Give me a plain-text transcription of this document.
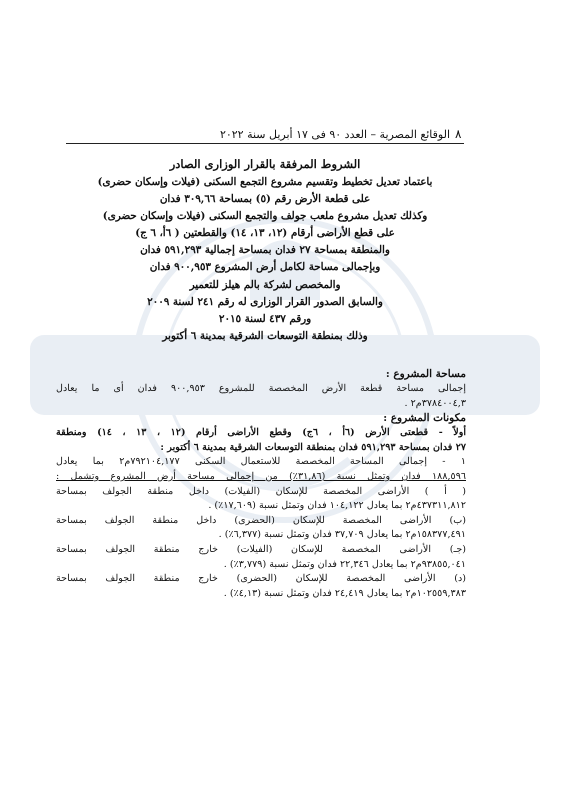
الوقائع المصرية – العدد ٩٠ فى ١٧ أبريل سنة ٢٠٢٢ ٨
الشروط المرفقة بالقرار الوزارى الصادر
باعتماد تعديل تخطيط وتقسيم مشروع التجمع السكنى (فيلات وإسكان حضرى)
على قطعة الأرض رقم (٥) بمساحة ٣٠٩,٦٦ فدان
وكذلك تعديل مشروع ملعب جولف والتجمع السكنى (فيلات وإسكان حضرى)
على قطع الأراضى أرقام (١٢، ١٣، ١٤) والقطعتين ( ٦أ، ٦ ج)
والمنطقة بمساحة ٢٧ فدان بمساحة إجمالية ٥٩١,٢٩٣ فدان
وبإجمالى مساحة لكامل أرض المشروع ٩٠٠,٩٥٣ فدان
والمخصص لشركة بالم هيلز للتعمير
والسابق الصدور القرار الوزارى له رقم ٢٤١ لسنة ٢٠٠٩
ورقم ٤٣٧ لسنة ٢٠١٥
وذلك بمنطقة التوسعات الشرقية بمدينة ٦ أكتوبر
مساحة المشروع :
إجمالى مساحة قطعة الأرض المخصصة للمشروع ٩٠٠,٩٥٣ فدان أى ما يعادل
٣٧٨٤٠٠٤,٣م٢ .
مكونات المشروع :
أولاً - قطعتى الأرض (٦أ ، ٦ج) وقطع الأراضى أرقام (١٢ ، ١٣ ، ١٤) ومنطقة
٢٧ فدان بمساحة ٥٩١,٢٩٣ فدان بمنطقة التوسعات الشرقية بمدينة ٦ أكتوبر :
١ - إجمالى المساحة المخصصة للاستعمال السكنى ٧٩٢١٠٤,١٧٧م٢ بما يعادل
١٨٨,٥٩٦ فدان وتمثل نسبة (٣١,٨٦٪) من إجمالى مساحة أرض المشروع وتشمل :
( أ ) الأراضى المخصصة للإسكان (الفيلات) داخل منطقة الجولف بمساحة
٤٣٧٣١١,٨١٢م٢ بما يعادل ١٠٤,١٢٢ فدان وتمثل نسبة (١٧,٦٠٩٪) .
(ب) الأراضى المخصصة للإسكان (الحضرى) داخل منطقة الجولف بمساحة
١٥٨٣٧٧,٤٩١م٢ بما يعادل ٣٧,٧٠٩ فدان وتمثل نسبة (٦,٣٧٧٪) .
(جـ) الأراضى المخصصة للإسكان (الفيلات) خارج منطقة الجولف بمساحة
٩٣٨٥٥,٠٤١م٢ بما يعادل ٢٢,٣٤٦ فدان وتمثل نسبة (٣,٧٧٩٪) .
(د) الأراضى المخصصة للإسكان (الحضرى) خارج منطقة الجولف بمساحة
١٠٢٥٥٩,٣٨٣م٢ بما يعادل ٢٤,٤١٩ فدان وتمثل نسبة (٤,١٣٪) .
